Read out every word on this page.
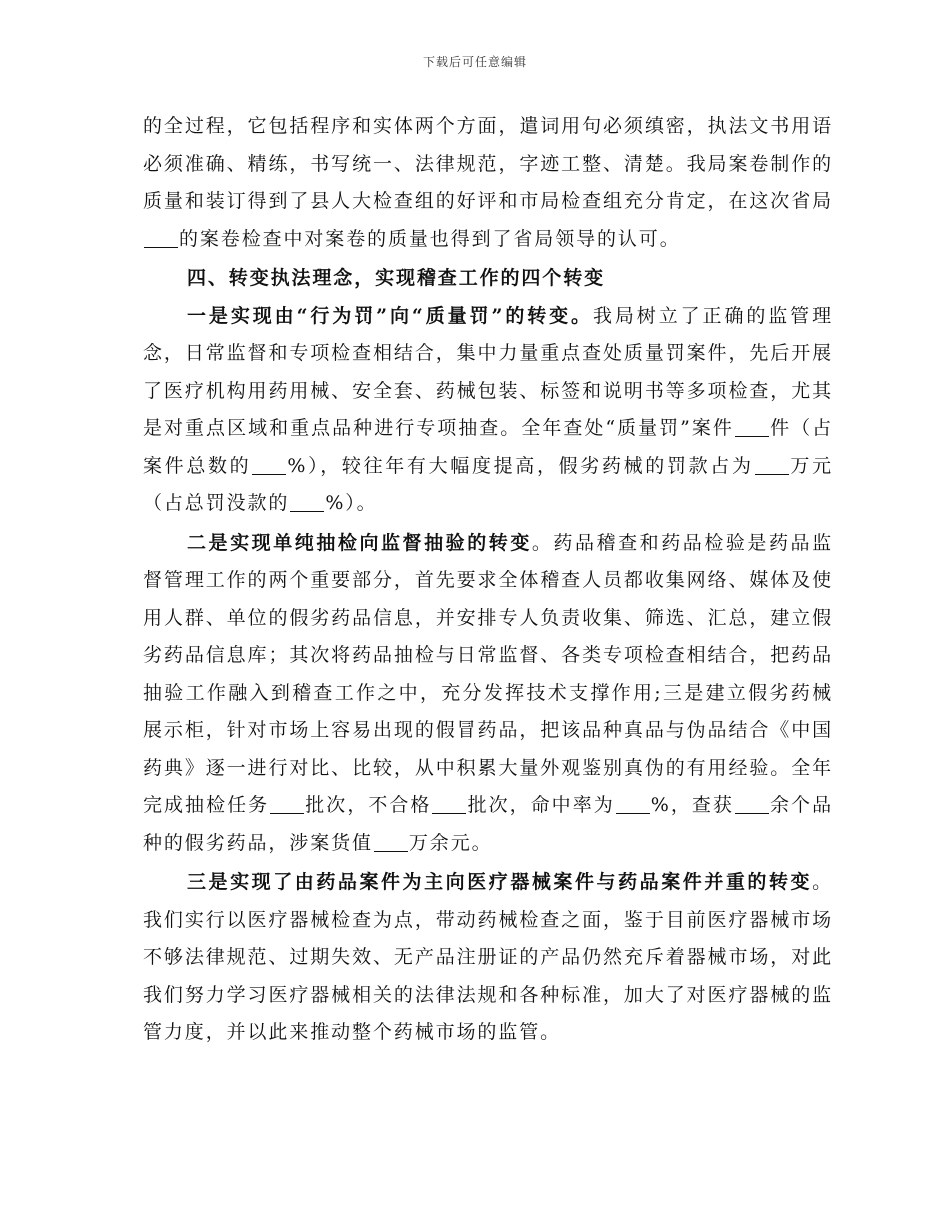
下载后可任意编辑

的全过程，它包括程序和实体两个方面，遣词用句必须缜密，执法文书用语必须准确、精练，书写统一、法律规范，字迹工整、清楚。我局案卷制作的质量和装订得到了县人大检查组的好评和市局检查组充分肯定，在这次省局的案卷检查中对案卷的质量也得到了省局领导的认可。

四、转变执法理念，实现稽查工作的四个转变

一是实现由“行为罚”向“质量罚”的转变。我局树立了正确的监管理念，日常监督和专项检查相结合，集中力量重点查处质量罚案件，先后开展了医疗机构用药用械、安全套、药械包装、标签和说明书等多项检查，尤其是对重点区域和重点品种进行专项抽查。全年查处“质量罚”案件 件（占案件总数的 %），较往年有大幅度提高，假劣药械的罚款占为 万元（占总罚没款的 %）。

二是实现单纯抽检向监督抽验的转变。药品稽查和药品检验是药品监督管理工作的两个重要部分，首先要求全体稽查人员都收集网络、媒体及使用人群、单位的假劣药品信息，并安排专人负责收集、筛选、汇总，建立假劣药品信息库；其次将药品抽检与日常监督、各类专项检查相结合，把药品抽验工作融入到稽查工作之中，充分发挥技术支撑作用;三是建立假劣药械展示柜，针对市场上容易出现的假冒药品，把该品种真品与伪品结合《中国药典》逐一进行对比、比较，从中积累大量外观鉴别真伪的有用经验。全年完成抽检任务 批次，不合格 批次，命中率为 %，查获 余个品种的假劣药品，涉案货值 万余元。

三是实现了由药品案件为主向医疗器械案件与药品案件并重的转变。我们实行以医疗器械检查为点，带动药械检查之面，鉴于目前医疗器械市场不够法律规范、过期失效、无产品注册证的产品仍然充斥着器械市场，对此我们努力学习医疗器械相关的法律法规和各种标准，加大了对医疗器械的监管力度，并以此来推动整个药械市场的监管。
